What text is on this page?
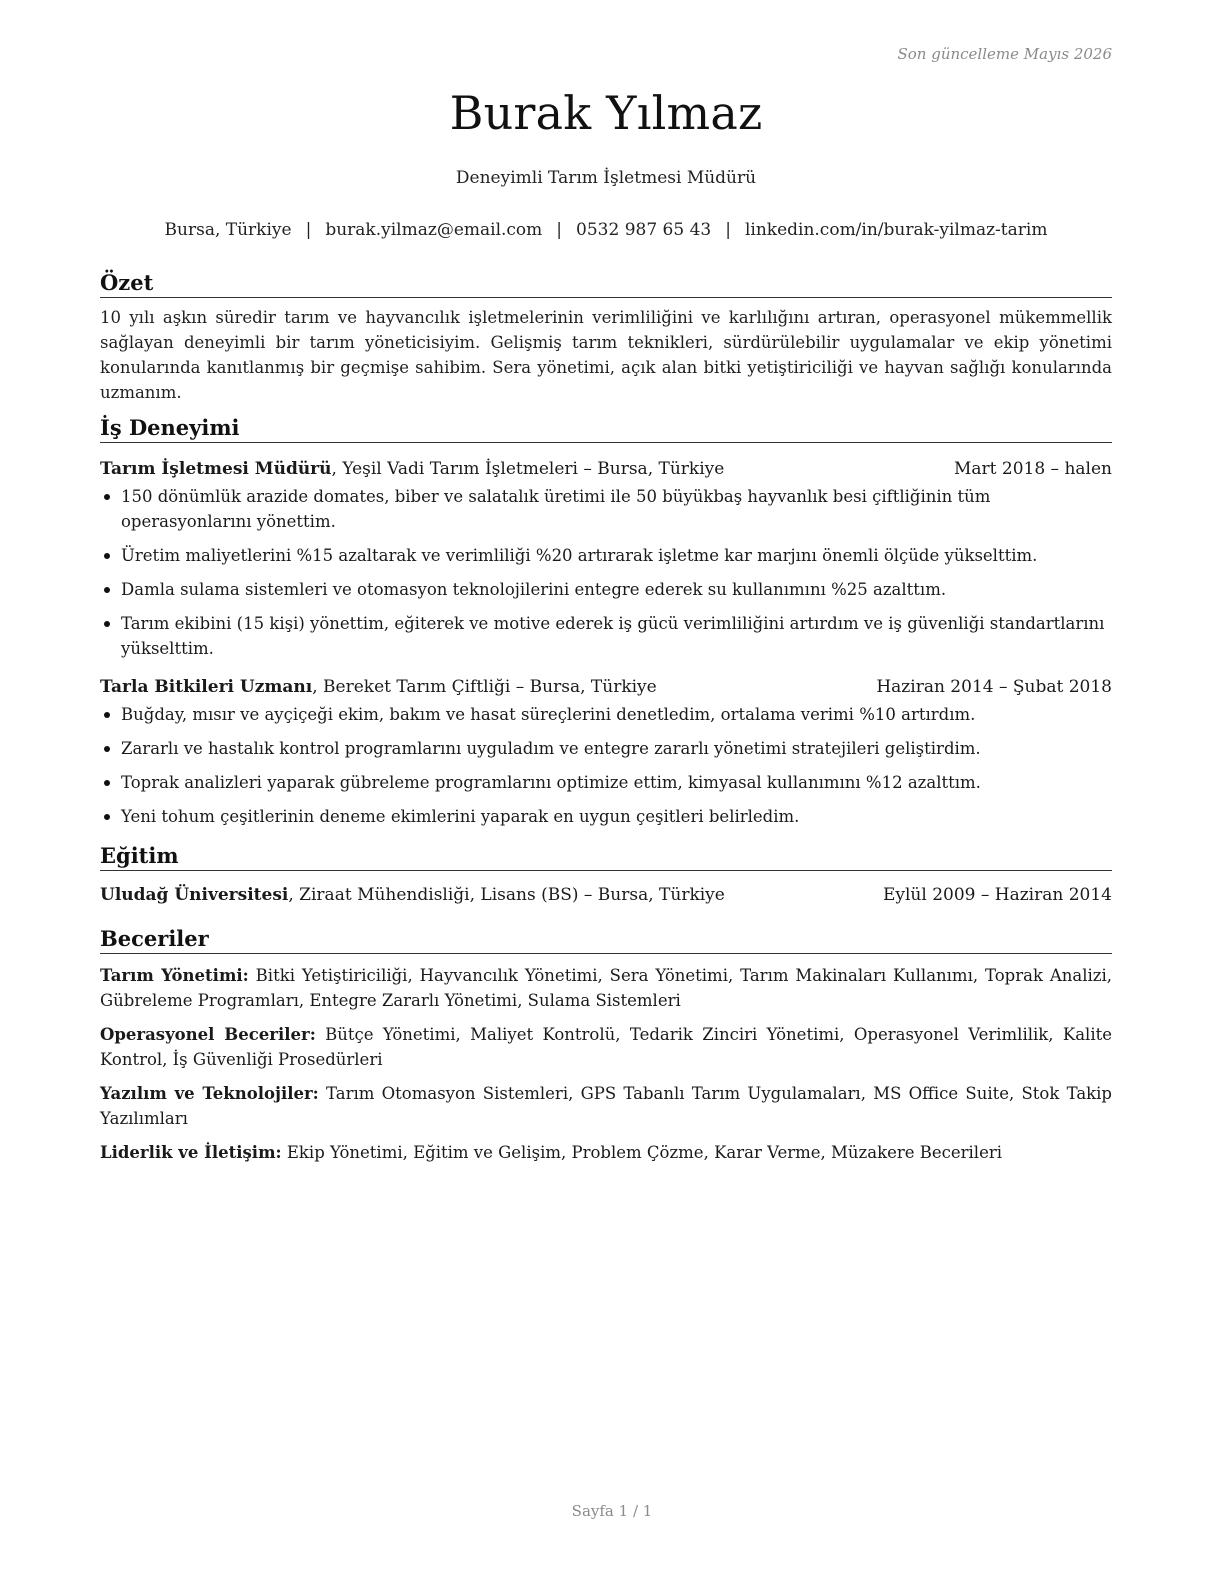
Son güncelleme Mayıs 2026
Burak Yılmaz
Deneyimli Tarım İşletmesi Müdürü
Bursa, Türkiye | burak.yilmaz@email.com | 0532 987 65 43 | linkedin.com/in/burak-yilmaz-tarim
Özet

10 yılı aşkın süredir tarım ve hayvancılık işletmelerinin verimliliğini ve karlılığını artıran, operasyonel mükemmellik sağlayan deneyimli bir tarım yöneticisiyim. Gelişmiş tarım teknikleri, sürdürülebilir uygulamalar ve ekip yönetimi konularında kanıtlanmış bir geçmişe sahibim. Sera yönetimi, açık alan bitki yetiştiriciliği ve hayvan sağlığı konularında uzmanım.

İş Deneyimi
Tarım İşletmesi Müdürü, Yeşil Vadi Tarım İşletmeleri – Bursa, Türkiye	Mart 2018 – halen
150 dönümlük arazide domates, biber ve salatalık üretimi ile 50 büyükbaş hayvanlık besi çiftliğinin tüm operasyonlarını yönettim.
Üretim maliyetlerini %15 azaltarak ve verimliliği %20 artırarak işletme kar marjını önemli ölçüde yükselttim.
Damla sulama sistemleri ve otomasyon teknolojilerini entegre ederek su kullanımını %25 azalttım.
Tarım ekibini (15 kişi) yönettim, eğiterek ve motive ederek iş gücü verimliliğini artırdım ve iş güvenliği standartlarını yükselttim.
Tarla Bitkileri Uzmanı, Bereket Tarım Çiftliği – Bursa, Türkiye	Haziran 2014 – Şubat 2018
Buğday, mısır ve ayçiçeği ekim, bakım ve hasat süreçlerini denetledim, ortalama verimi %10 artırdım.
Zararlı ve hastalık kontrol programlarını uyguladım ve entegre zararlı yönetimi stratejileri geliştirdim.
Toprak analizleri yaparak gübreleme programlarını optimize ettim, kimyasal kullanımını %12 azalttım.
Yeni tohum çeşitlerinin deneme ekimlerini yaparak en uygun çeşitleri belirledim.
Eğitim
Uludağ Üniversitesi, Ziraat Mühendisliği, Lisans (BS) – Bursa, Türkiye	Eylül 2009 – Haziran 2014
Beceriler

Tarım Yönetimi: Bitki Yetiştiriciliği, Hayvancılık Yönetimi, Sera Yönetimi, Tarım Makinaları Kullanımı, Toprak Analizi, Gübreleme Programları, Entegre Zararlı Yönetimi, Sulama Sistemleri

Operasyonel Beceriler: Bütçe Yönetimi, Maliyet Kontrolü, Tedarik Zinciri Yönetimi, Operasyonel Verimlilik, Kalite Kontrol, İş Güvenliği Prosedürleri

Yazılım ve Teknolojiler: Tarım Otomasyon Sistemleri, GPS Tabanlı Tarım Uygulamaları, MS Office Suite, Stok Takip Yazılımları

Liderlik ve İletişim: Ekip Yönetimi, Eğitim ve Gelişim, Problem Çözme, Karar Verme, Müzakere Becerileri

Sayfa 1 / 1
